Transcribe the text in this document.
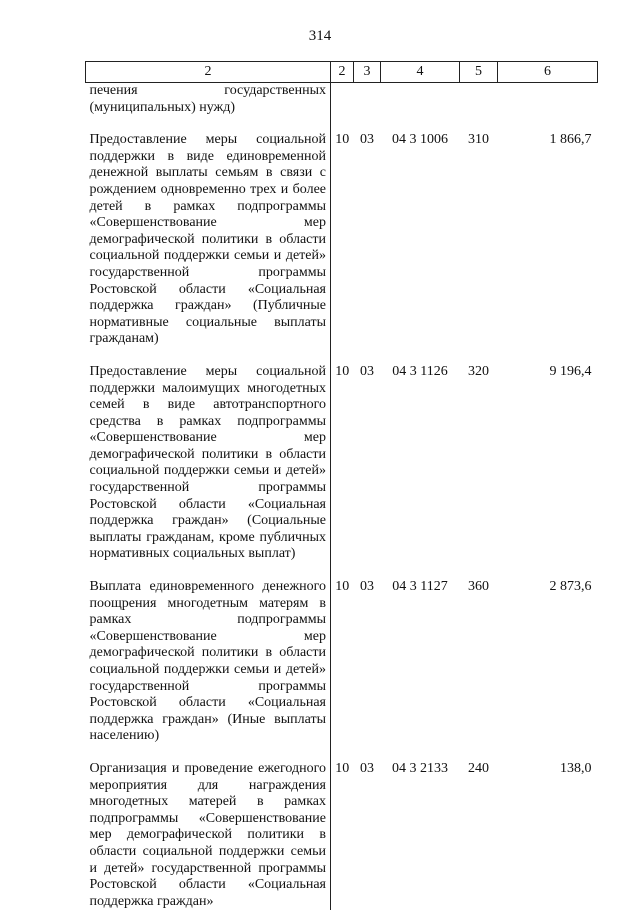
314
2	2	3	4	5	6
печения государственных (муниципальных) нужд)					
Предоставление меры социальной поддержки в виде единовременной денежной выплаты семьям в связи с рождением одновременно трех и более детей в рамках подпрограммы «Совершенствование мер демографической политики в области социальной поддержки семьи и детей» государственной программы Ростовской области «Социальная поддержка граждан» (Публичные нормативные социальные выплаты гражданам)	10	03	04 3 1006	310	1 866,7
Предоставление меры социальной поддержки малоимущих многодетных семей в виде автотранспортного средства в рамках подпрограммы «Совершенствование мер демографической политики в области социальной поддержки семьи и детей» государственной программы Ростовской области «Социальная поддержка граждан» (Социальные выплаты гражданам, кроме публичных нормативных социальных выплат)	10	03	04 3 1126	320	9 196,4
Выплата единовременного денежного поощрения многодетным матерям в рамках подпрограммы «Совершенствование мер демографической политики в области социальной поддержки семьи и детей» государственной программы Ростовской области «Социальная поддержка граждан» (Иные выплаты населению)	10	03	04 3 1127	360	2 873,6
Организация и проведение ежегодного мероприятия для награждения многодетных матерей в рамках подпрограммы «Совершенствование мер демографической политики в области социальной поддержки семьи и детей» государственной программы Ростовской области «Социальная поддержка граждан»	10	03	04 3 2133	240	138,0
